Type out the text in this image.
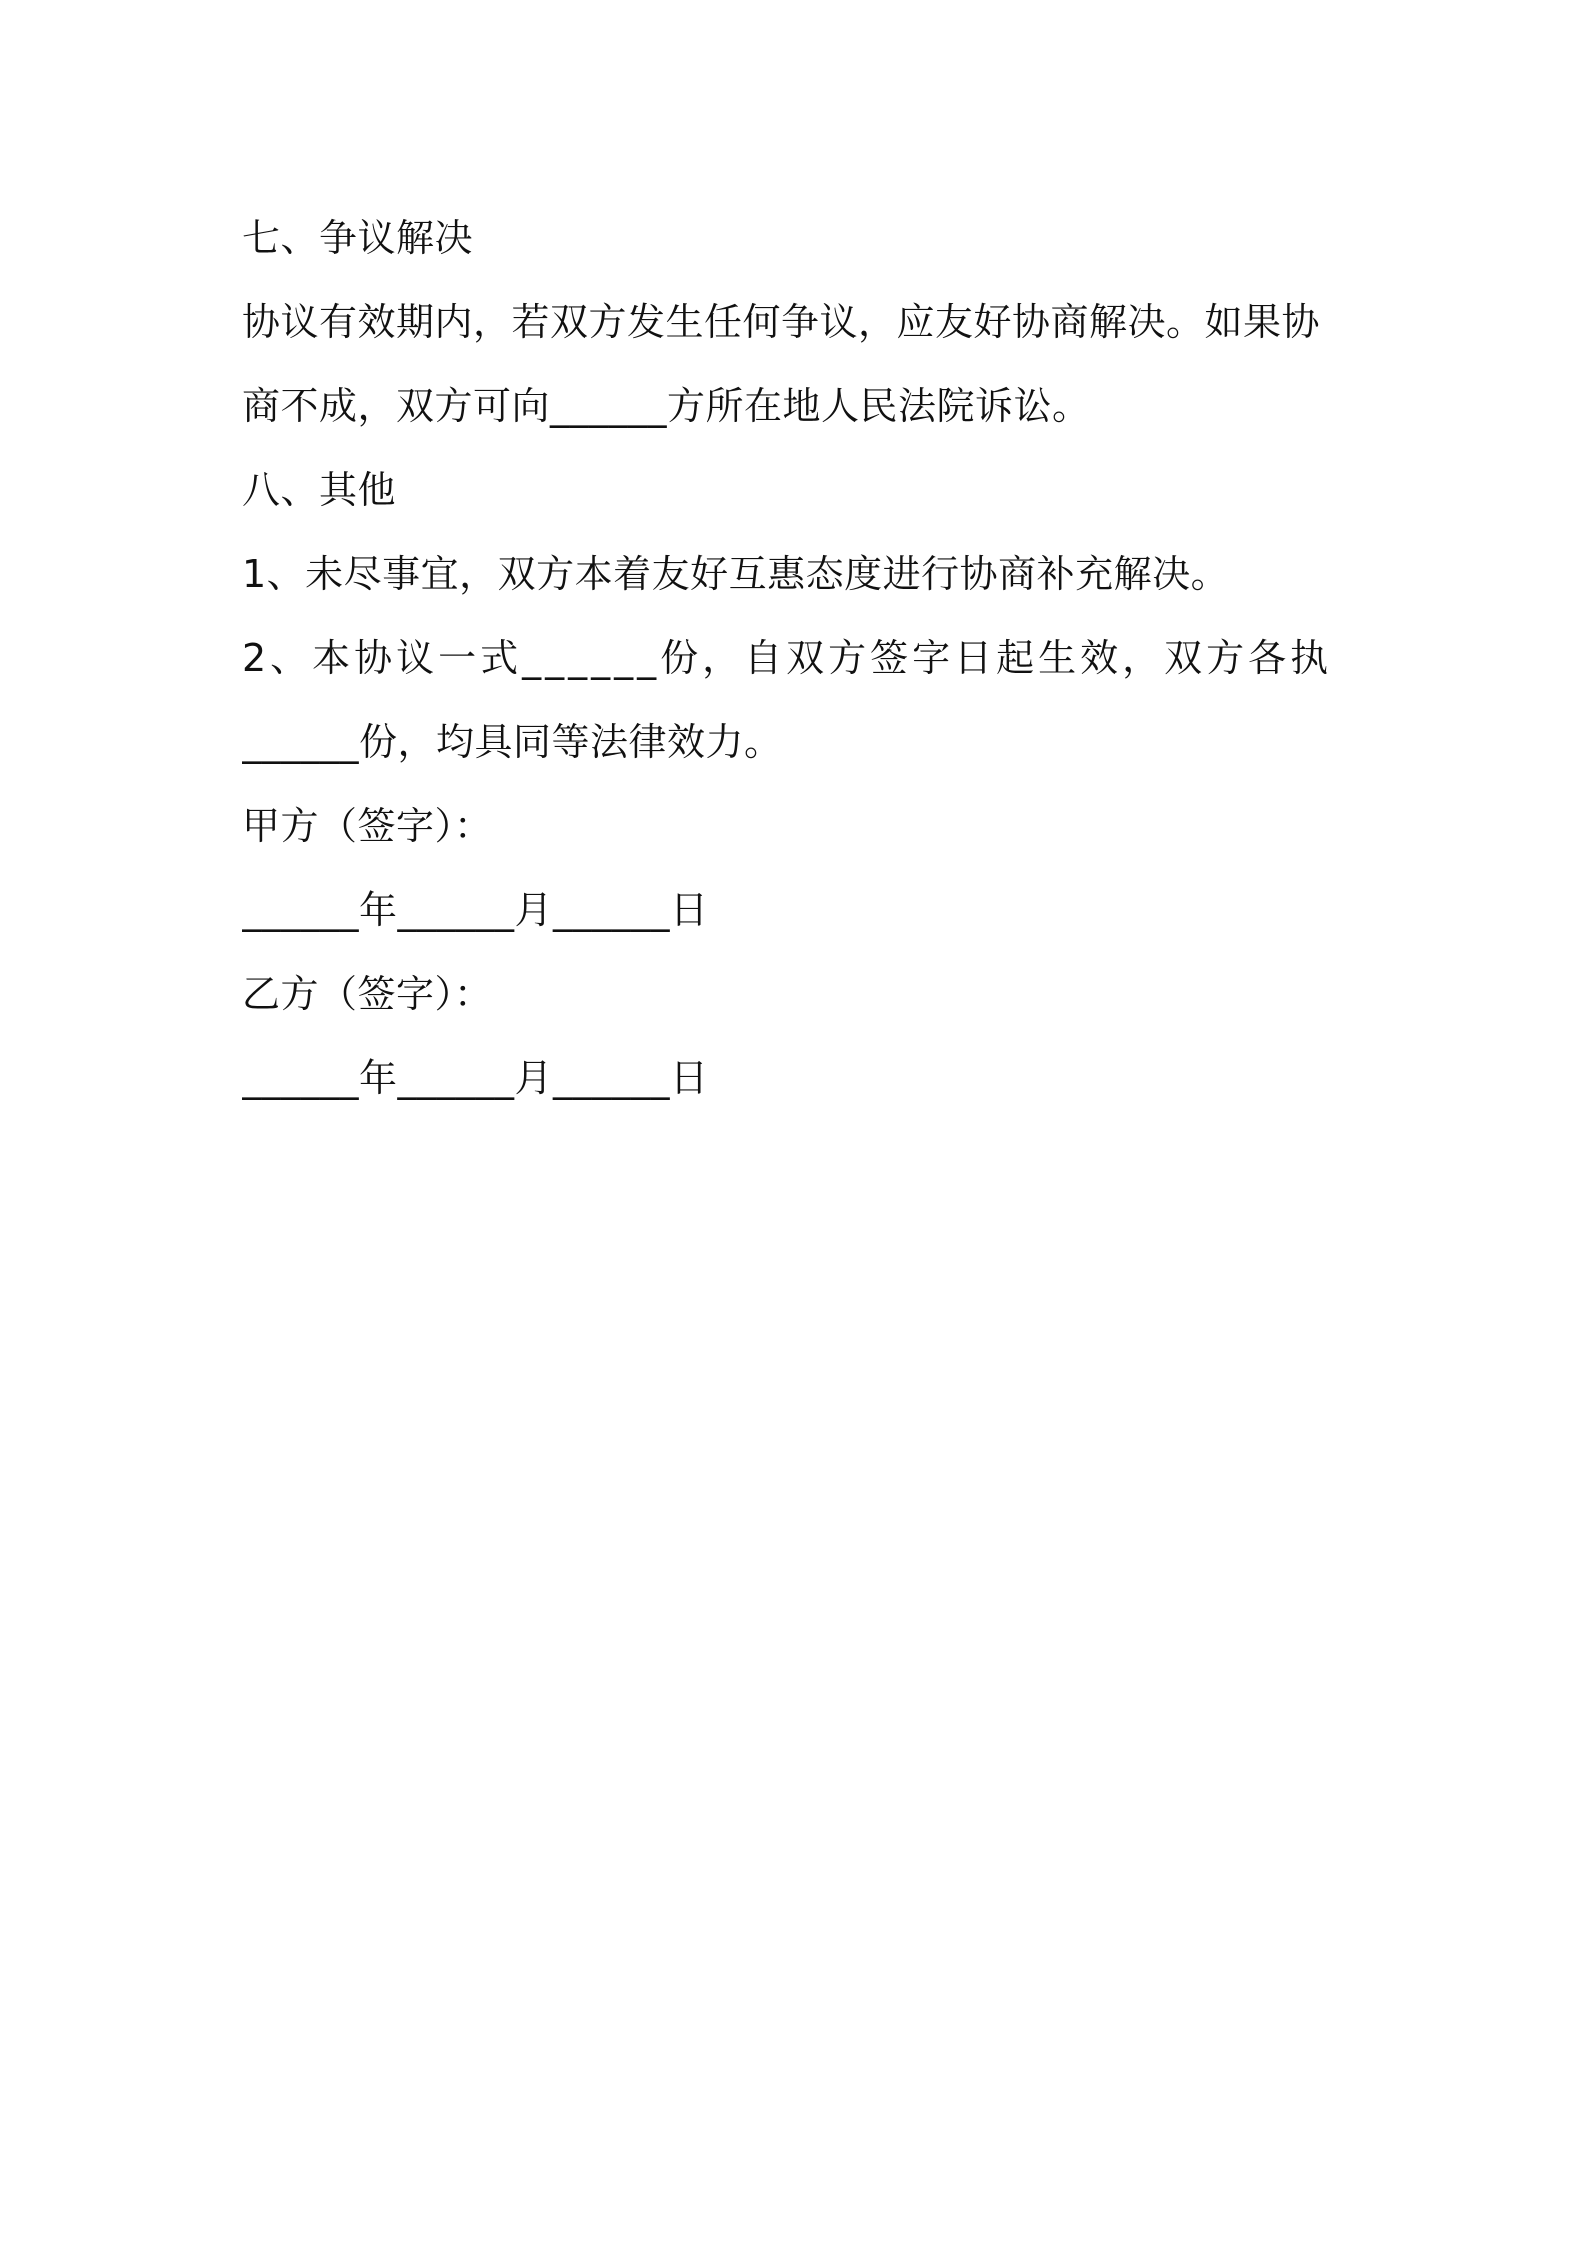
七、争议解决
协议有效期内，若双方发生任何争议，应友好协商解决。如果协
商不成，双方可向______方所在地人民法院诉讼。
八、其他
1、未尽事宜，双方本着友好互惠态度进行协商补充解决。
2、本协议一式______份，自双方签字日起生效，双方各执
______份，均具同等法律效力。
甲方（签字）：
______年______月______日
乙方（签字）：
______年______月______日
